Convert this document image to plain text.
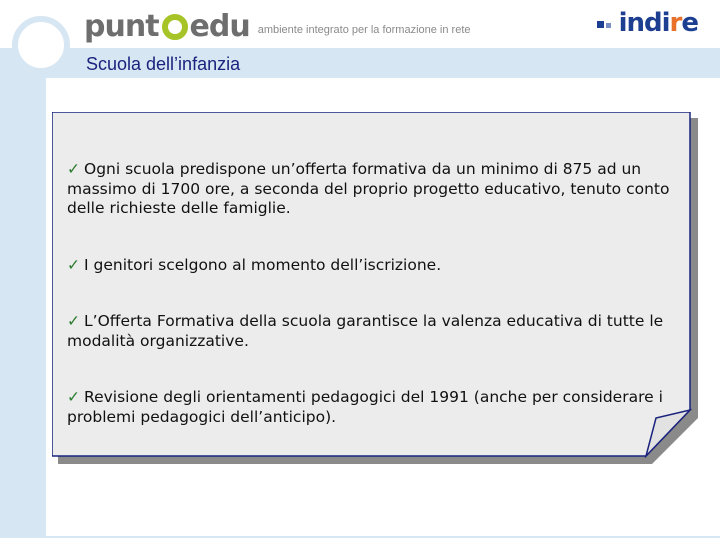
punt edu ambiente integrato per la formazione in rete	indire
Scuola dell’infanzia

✓ Ogni scuola predispone un’offerta formativa da un minimo di 875 ad un massimo di 1700 ore, a seconda del proprio progetto educativo, tenuto conto delle richieste delle famiglie.

✓ I genitori scelgono al momento dell’iscrizione.

✓ L’Offerta Formativa della scuola garantisce la valenza educativa di tutte le modalità organizzative.

✓ Revisione degli orientamenti pedagogici del 1991 (anche per considerare i problemi pedagogici dell’anticipo).
